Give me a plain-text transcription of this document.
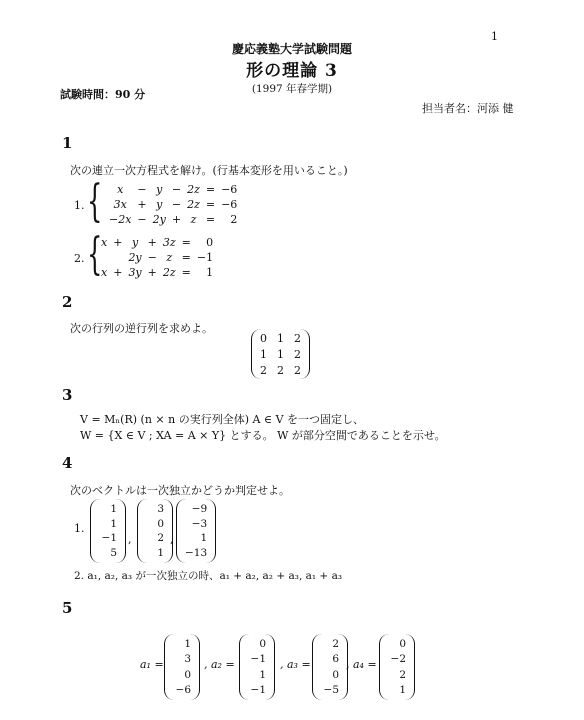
1
慶応義塾大学試験問題
形の理論 3
(1997 年春学期)
試験時間：90 分
担当者名：河添 健
1
次の連立一次方程式を解け。(行基本変形を用いること。)
1. {
	x	−	y	−	2z	=	−6
	3x	+	y	−	2z	=	−6
	−2x	−	2y	+	z	=	2
2. {
x	+	y	+	3z	=	0
		2y	−	z	=	−1
x	+	3y	+	2z	=	1
2
次の行列の逆行列を求めよ。
0 1 2
1 1 2
2 2 2
3
V = Mₙ(R) (n × n の実行列全体) A ∈ V を一つ固定し、
W = {X ∈ V ; XA = A × Y} とする。 W が部分空間であることを示せ。
4
次のベクトルは一次独立かどうか判定せよ。
1.
1
1
−1
5
,
3
0
2
1
,
−9
−3
1
−13
2. a₁, a₂, a₃ が一次独立の時、a₁ + a₂, a₂ + a₃, a₁ + a₃
5
a₁ =
1
3
0
−6
, a₂ =
0
−1
1
−1
, a₃ =
2
6
0
−5
, a₄ =
0
−2
2
1
